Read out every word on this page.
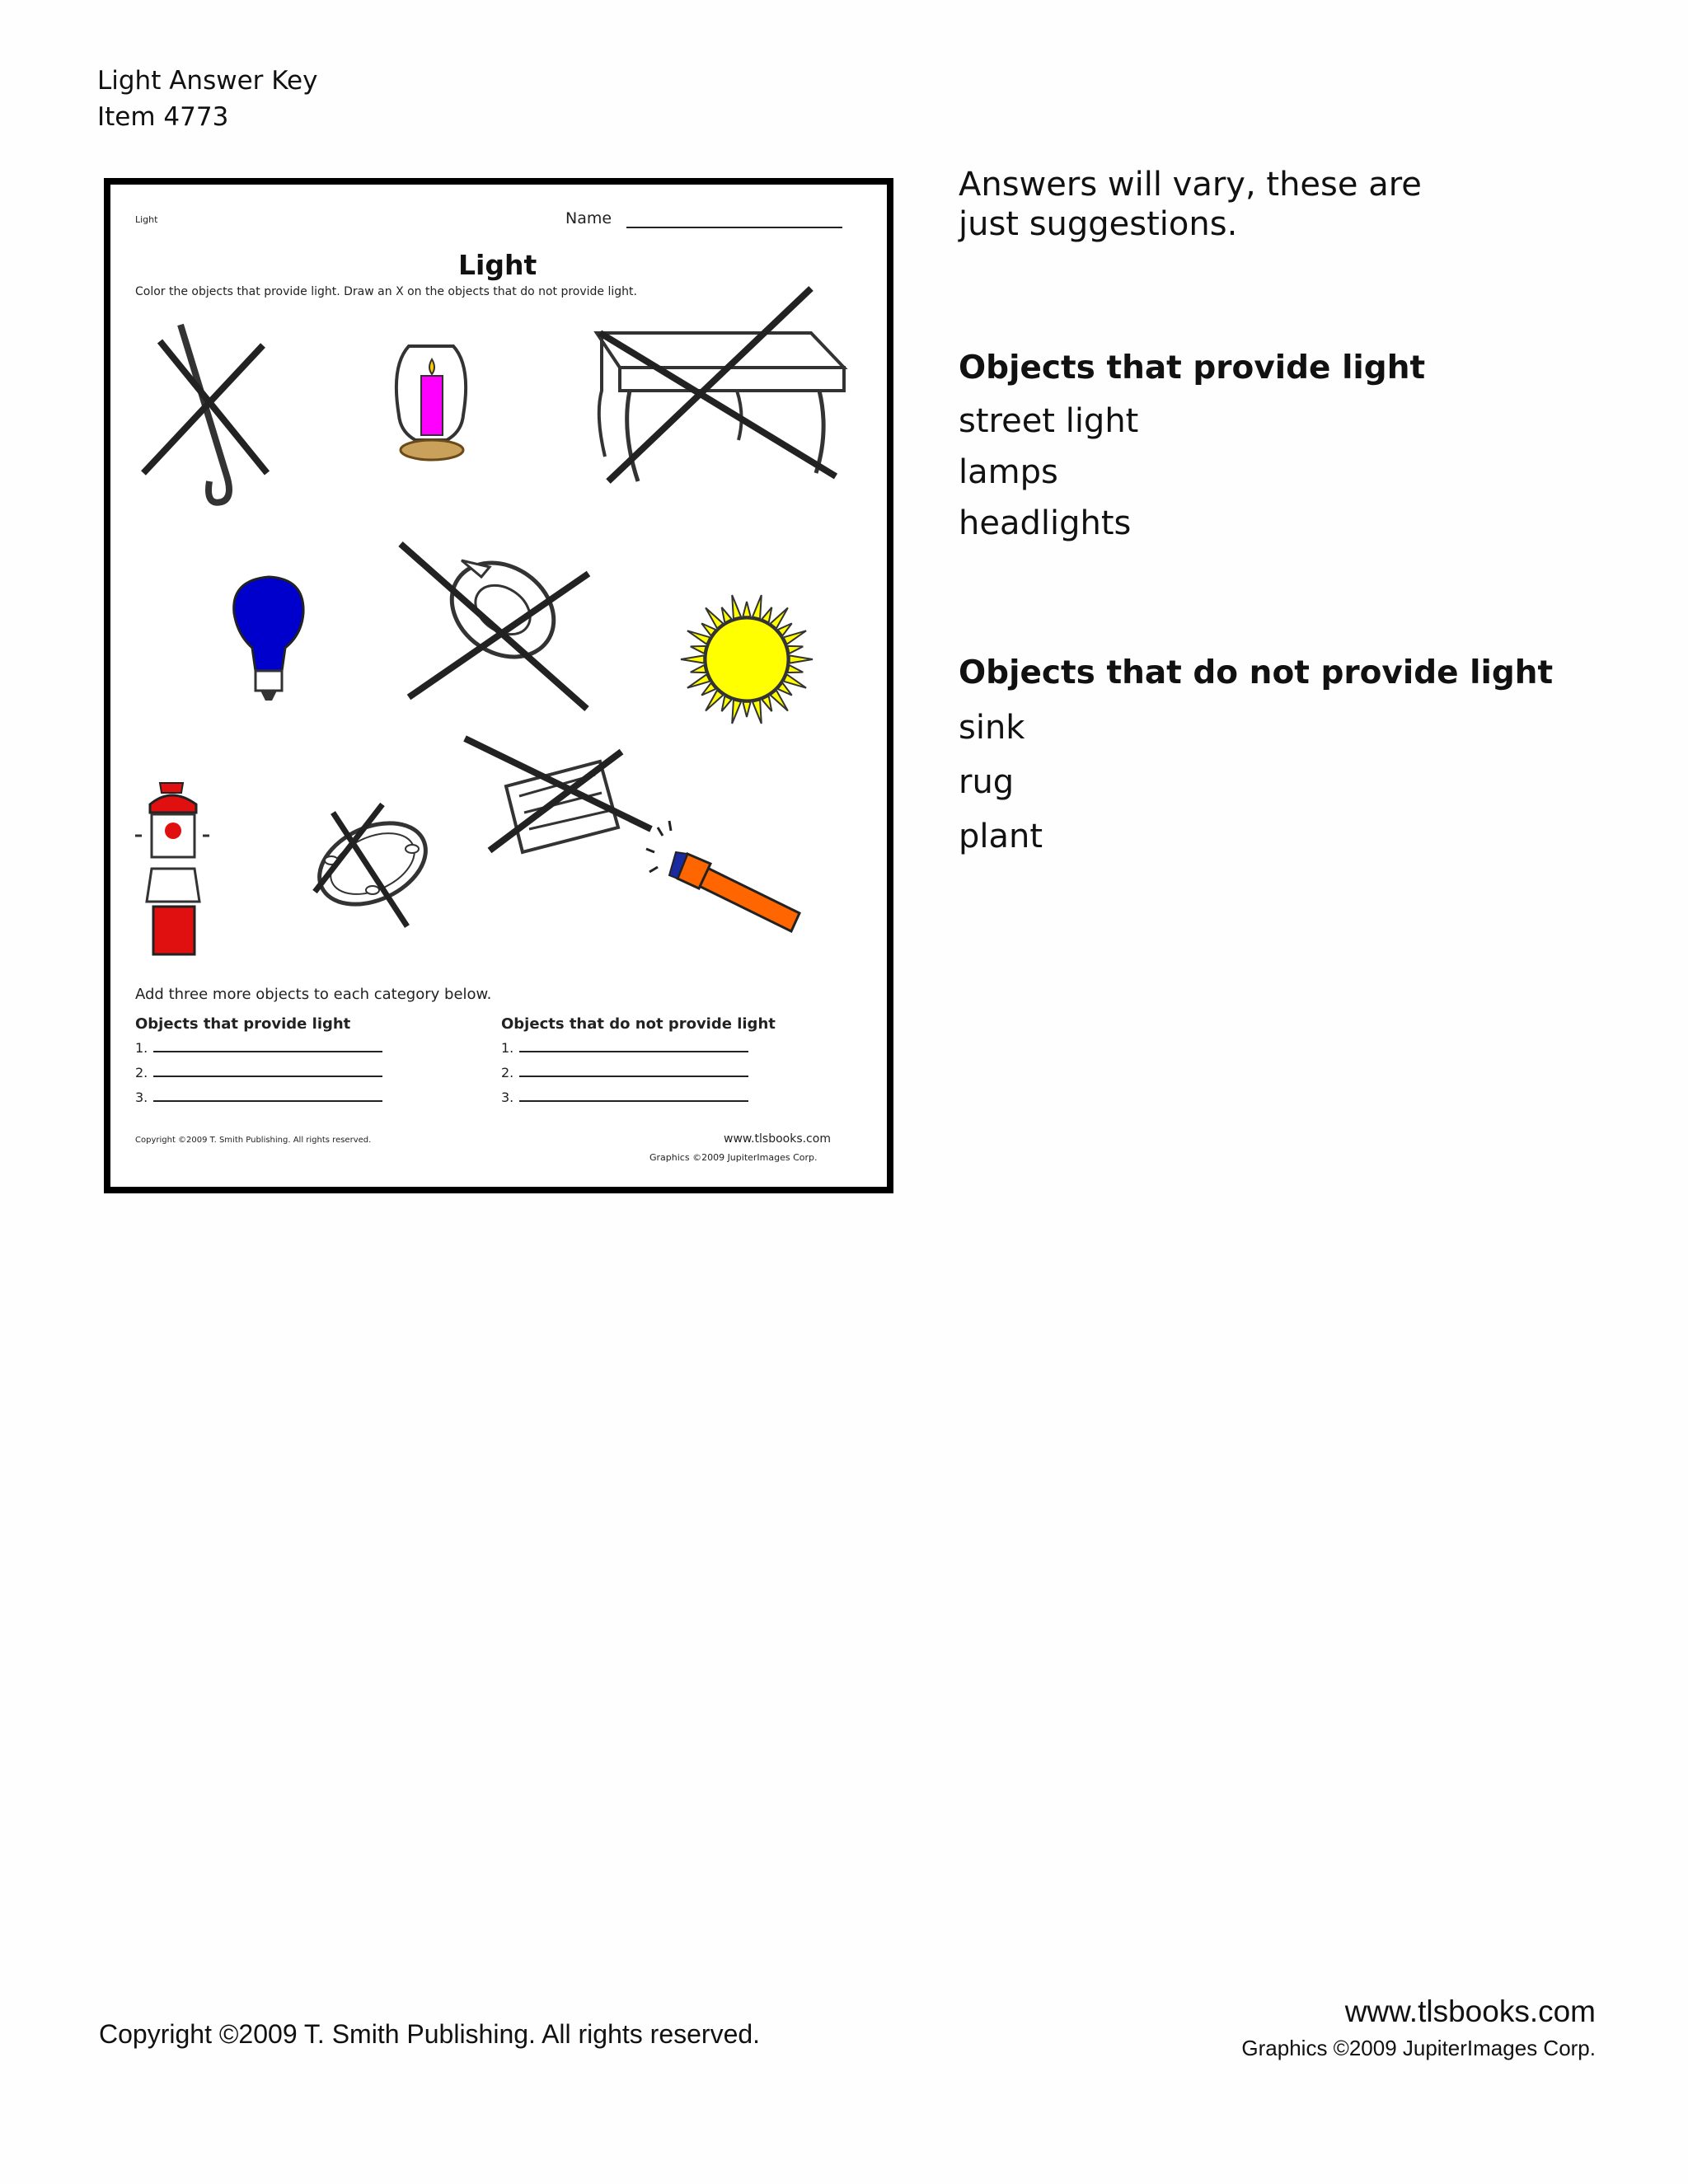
Light Answer Key
Item 4773
Light	Name
Light
Color the objects that provide light. Draw an X on the objects that do not provide light.
Add three more objects to each category below.
Objects that provide light	Objects that do not provide light
1.
2.
3.
1.
2.
3.
Copyright ©2009 T. Smith Publishing. All rights reserved.	www.tlsbooks.com
Graphics ©2009 JupiterImages Corp.
Answers will vary, these are just suggestions.
Objects that provide light
street light
lamps
headlights
Objects that do not provide light
sink
rug
plant
Copyright ©2009 T. Smith Publishing. All rights reserved.
www.tlsbooks.com
Graphics ©2009 JupiterImages Corp.
